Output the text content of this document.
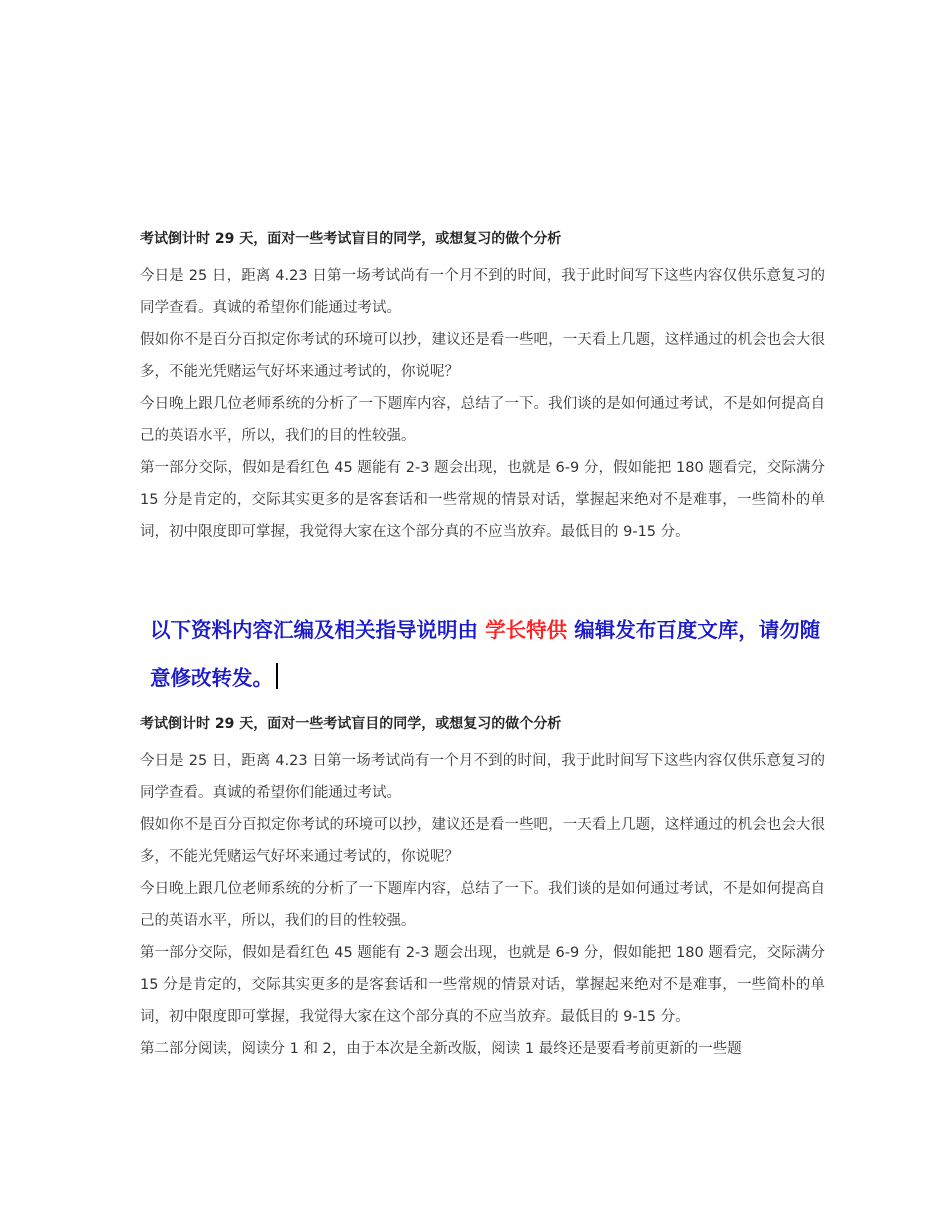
考试倒计时 29 天，面对一些考试盲目的同学，或想复习的做个分析

今日是 25 日，距离 4.23 日第一场考试尚有一个月不到的时间，我于此时间写下这些内容仅供乐意复习的同学查看。真诚的希望你们能通过考试。

假如你不是百分百拟定你考试的环境可以抄，建议还是看一些吧，一天看上几题，这样通过的机会也会大很多，不能光凭赌运气好坏来通过考试的，你说呢？

今日晚上跟几位老师系统的分析了一下题库内容，总结了一下。我们谈的是如何通过考试，不是如何提高自己的英语水平，所以，我们的目的性较强。

第一部分交际，假如是看红色 45 题能有 2-3 题会出现，也就是 6-9 分，假如能把 180 题看完，交际满分 15 分是肯定的，交际其实更多的是客套话和一些常规的情景对话，掌握起来绝对不是难事，一些简朴的单词，初中限度即可掌握，我觉得大家在这个部分真的不应当放弃。最低目的 9-15 分。

以下资料内容汇编及相关指导说明由 学长特供 编辑发布百度文库，请勿随意修改转发。
考试倒计时 29 天，面对一些考试盲目的同学，或想复习的做个分析

今日是 25 日，距离 4.23 日第一场考试尚有一个月不到的时间，我于此时间写下这些内容仅供乐意复习的同学查看。真诚的希望你们能通过考试。

假如你不是百分百拟定你考试的环境可以抄，建议还是看一些吧，一天看上几题，这样通过的机会也会大很多，不能光凭赌运气好坏来通过考试的，你说呢？

今日晚上跟几位老师系统的分析了一下题库内容，总结了一下。我们谈的是如何通过考试，不是如何提高自己的英语水平，所以，我们的目的性较强。

第一部分交际，假如是看红色 45 题能有 2-3 题会出现，也就是 6-9 分，假如能把 180 题看完，交际满分 15 分是肯定的，交际其实更多的是客套话和一些常规的情景对话，掌握起来绝对不是难事，一些简朴的单词，初中限度即可掌握，我觉得大家在这个部分真的不应当放弃。最低目的 9-15 分。

第二部分阅读，阅读分 1 和 2，由于本次是全新改版，阅读 1 最终还是要看考前更新的一些题
